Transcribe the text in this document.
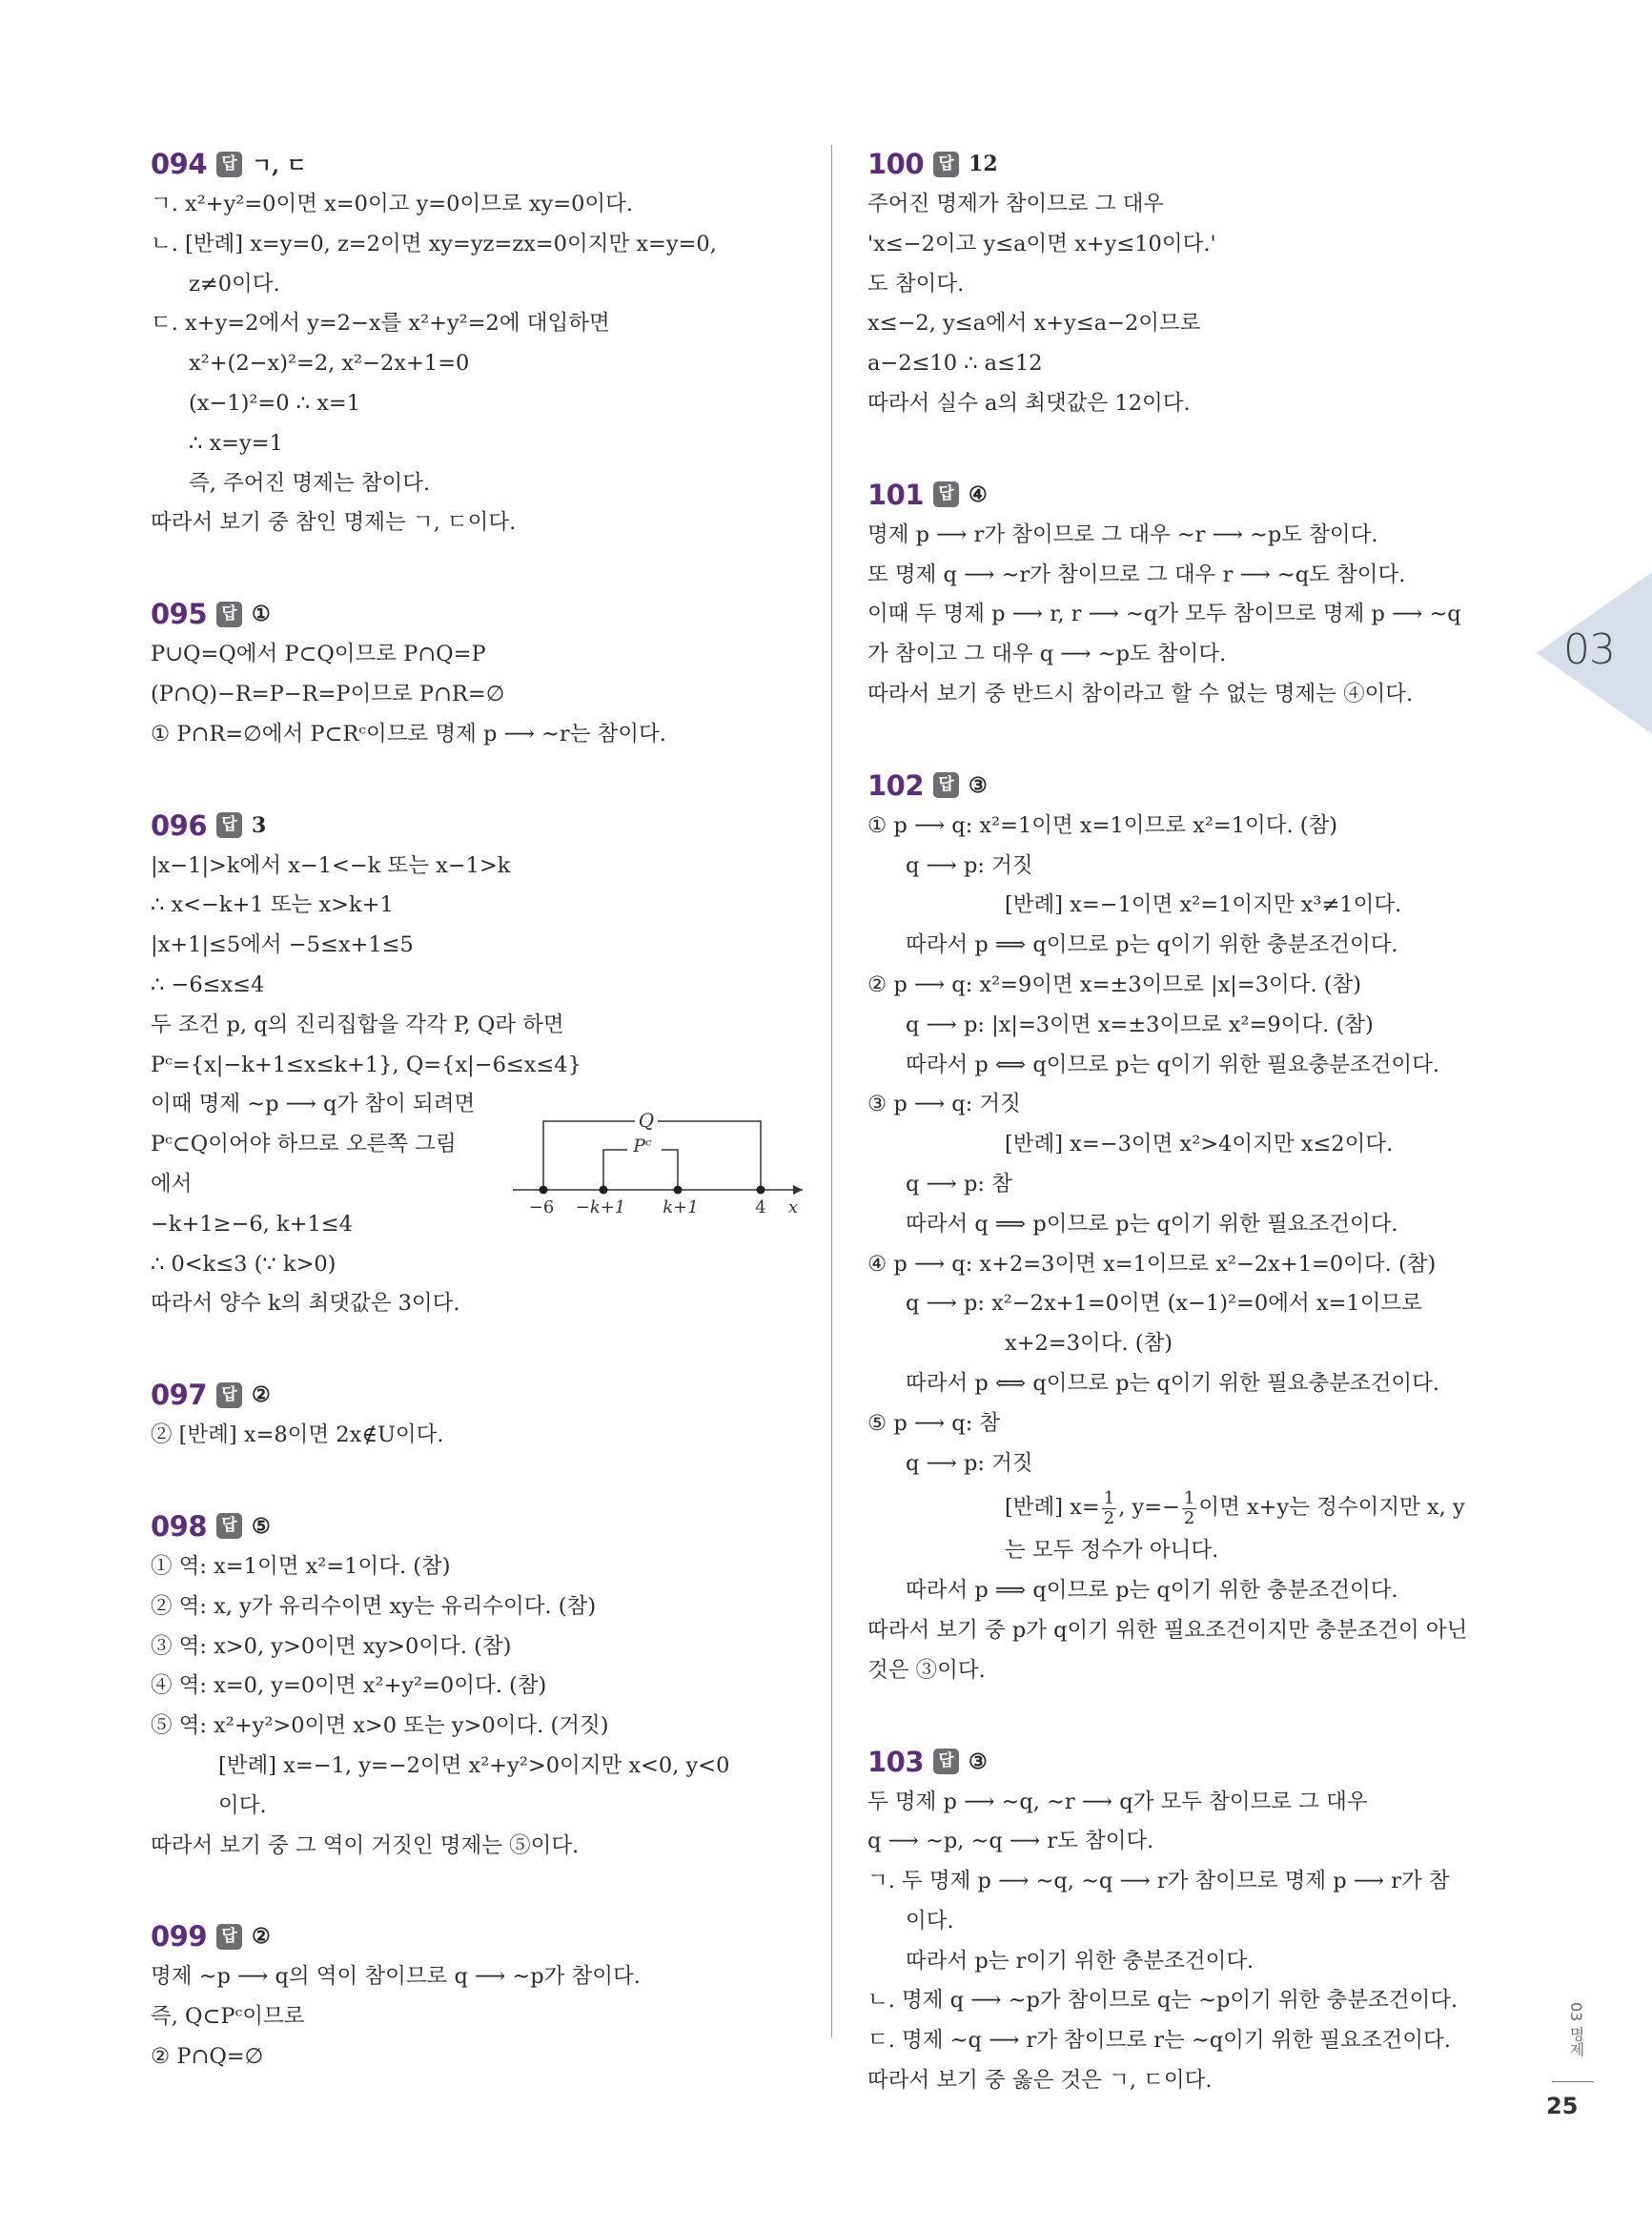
094 답 ㄱ, ㄷ
ㄱ. x²+y²=0이면 x=0이고 y=0이므로 xy=0이다.
ㄴ. [반례] x=y=0, z=2이면 xy=yz=zx=0이지만 x=y=0,
z≠0이다.
ㄷ. x+y=2에서 y=2−x를 x²+y²=2에 대입하면
x²+(2−x)²=2, x²−2x+1=0
(x−1)²=0 ∴ x=1
∴ x=y=1
즉, 주어진 명제는 참이다.
따라서 보기 중 참인 명제는 ㄱ, ㄷ이다.
095 답 ①
P∪Q=Q에서 P⊂Q이므로 P∩Q=P
(P∩Q)−R=P−R=P이므로 P∩R=∅
① P∩R=∅에서 P⊂Rᶜ이므로 명제 p ⟶ ∼r는 참이다.
096 답 3
|x−1|>k에서 x−1<−k 또는 x−1>k
∴ x<−k+1 또는 x>k+1
|x+1|≤5에서 −5≤x+1≤5
∴ −6≤x≤4
두 조건 p, q의 진리집합을 각각 P, Q라 하면
Pᶜ={x|−k+1≤x≤k+1}, Q={x|−6≤x≤4}
이때 명제 ∼p ⟶ q가 참이 되려면
Pᶜ⊂Q이어야 하므로 오른쪽 그림
에서
−k+1≥−6, k+1≤4
∴ 0<k≤3 (∵ k>0)
따라서 양수 k의 최댓값은 3이다.
Q
Pᶜ
−6 −k+1 k+1	4 x
097 답 ②
② [반례] x=8이면 2x∉U이다.
098 답 ⑤
① 역: x=1이면 x²=1이다. (참)
② 역: x, y가 유리수이면 xy는 유리수이다. (참)
③ 역: x>0, y>0이면 xy>0이다. (참)
④ 역: x=0, y=0이면 x²+y²=0이다. (참)
⑤ 역: x²+y²>0이면 x>0 또는 y>0이다. (거짓)
[반례] x=−1, y=−2이면 x²+y²>0이지만 x<0, y<0
이다.
따라서 보기 중 그 역이 거짓인 명제는 ⑤이다.
099 답 ②
명제 ∼p ⟶ q의 역이 참이므로 q ⟶ ∼p가 참이다.
즉, Q⊂Pᶜ이므로
② P∩Q=∅
100 답 12
주어진 명제가 참이므로 그 대우
'x≤−2이고 y≤a이면 x+y≤10이다.'
도 참이다.
x≤−2, y≤a에서 x+y≤a−2이므로
a−2≤10 ∴ a≤12
따라서 실수 a의 최댓값은 12이다.
101 답 ④
명제 p ⟶ r가 참이므로 그 대우 ∼r ⟶ ∼p도 참이다.
또 명제 q ⟶ ∼r가 참이므로 그 대우 r ⟶ ∼q도 참이다.
이때 두 명제 p ⟶ r, r ⟶ ∼q가 모두 참이므로 명제 p ⟶ ∼q
가 참이고 그 대우 q ⟶ ∼p도 참이다.
따라서 보기 중 반드시 참이라고 할 수 없는 명제는 ④이다.
102 답 ③
① p ⟶ q: x²=1이면 x=1이므로 x²=1이다. (참)
q ⟶ p: 거짓
[반례] x=−1이면 x²=1이지만 x³≠1이다.
따라서 p ⟹ q이므로 p는 q이기 위한 충분조건이다.
② p ⟶ q: x²=9이면 x=±3이므로 |x|=3이다. (참)
q ⟶ p: |x|=3이면 x=±3이므로 x²=9이다. (참)
따라서 p ⟺ q이므로 p는 q이기 위한 필요충분조건이다.
③ p ⟶ q: 거짓
[반례] x=−3이면 x²>4이지만 x≤2이다.
q ⟶ p: 참
따라서 q ⟹ p이므로 p는 q이기 위한 필요조건이다.
④ p ⟶ q: x+2=3이면 x=1이므로 x²−2x+1=0이다. (참)
q ⟶ p: x²−2x+1=0이면 (x−1)²=0에서 x=1이므로
x+2=3이다. (참)
따라서 p ⟺ q이므로 p는 q이기 위한 필요충분조건이다.
⑤ p ⟶ q: 참
q ⟶ p: 거짓
[반례] $x= \frac{1}{2}$ , $y=- \frac{1}{2}$ 이면 x+y는 정수이지만 x, y
는 모두 정수가 아니다.
따라서 p ⟹ q이므로 p는 q이기 위한 충분조건이다.
따라서 보기 중 p가 q이기 위한 필요조건이지만 충분조건이 아닌
것은 ③이다.
103 답 ③
두 명제 p ⟶ ∼q, ∼r ⟶ q가 모두 참이므로 그 대우
q ⟶ ∼p, ∼q ⟶ r도 참이다.
ㄱ. 두 명제 p ⟶ ∼q, ∼q ⟶ r가 참이므로 명제 p ⟶ r가 참
이다.
따라서 p는 r이기 위한 충분조건이다.
ㄴ. 명제 q ⟶ ∼p가 참이므로 q는 ∼p이기 위한 충분조건이다.
ㄷ. 명제 ∼q ⟶ r가 참이므로 r는 ∼q이기 위한 필요조건이다.
따라서 보기 중 옳은 것은 ㄱ, ㄷ이다.
03
03 명제
25
